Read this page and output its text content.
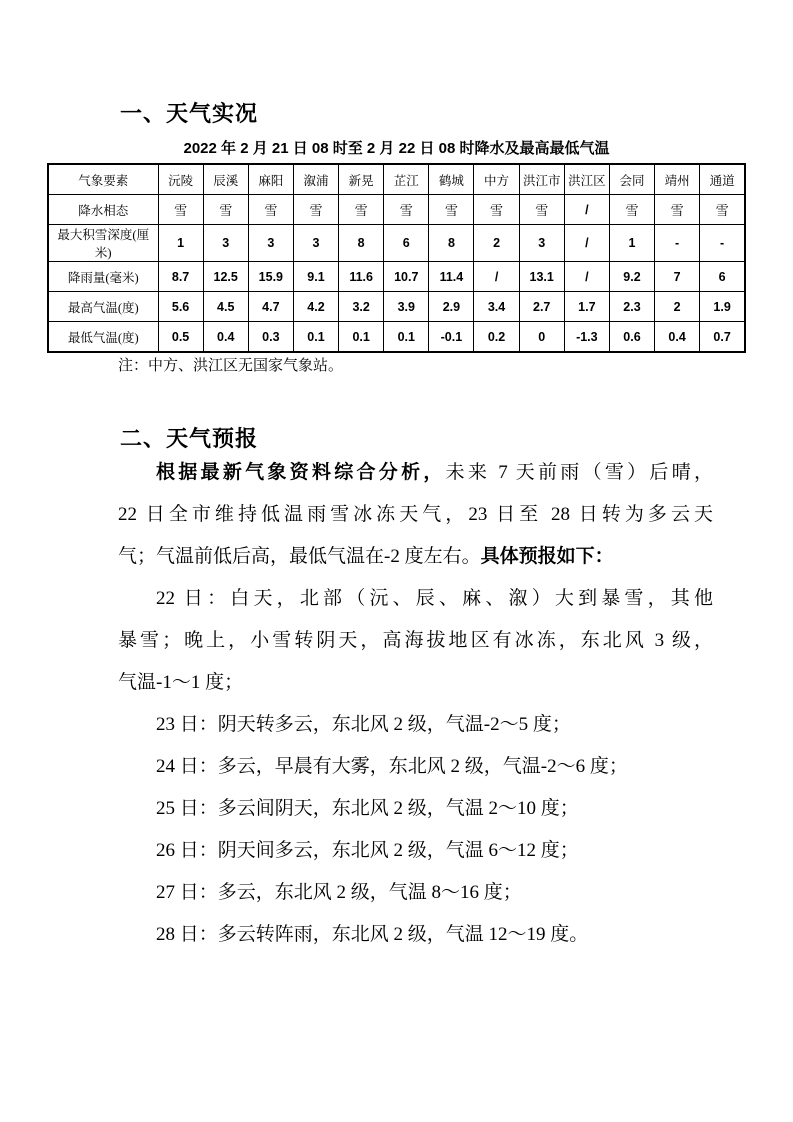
一、天气实况
2022 年 2 月 21 日 08 时至 2 月 22 日 08 时降水及最高最低气温
气象要素	沅陵	辰溪	麻阳	溆浦	新晃	芷江	鹤城	中方	洪江市	洪江区	会同	靖州	通道
降水相态	雪	雪	雪	雪	雪	雪	雪	雪	雪	/	雪	雪	雪
最大积雪深度(厘米)	1	3	3	3	8	6	8	2	3	/	1	-	-
降雨量(毫米)	8.7	12.5	15.9	9.1	11.6	10.7	11.4	/	13.1	/	9.2	7	6
最高气温(度)	5.6	4.5	4.7	4.2	3.2	3.9	2.9	3.4	2.7	1.7	2.3	2	1.9
最低气温(度)	0.5	0.4	0.3	0.1	0.1	0.1	-0.1	0.2	0	-1.3	0.6	0.4	0.7
注：中方、洪江区无国家气象站。
二、天气预报
根据最新气象资料综合分析，未来 7 天前雨（雪）后晴，
22 日全市维持低温雨雪冰冻天气，23 日至 28 日转为多云天
气；气温前低后高，最低气温在-2 度左右。具体预报如下：
22 日：白天，北部（沅、辰、麻、溆）大到暴雪，其他
暴雪；晚上，小雪转阴天，高海拔地区有冰冻，东北风 3 级，
气温-1～1 度；
23 日：阴天转多云，东北风 2 级，气温-2～5 度；
24 日：多云，早晨有大雾，东北风 2 级，气温-2～6 度；
25 日：多云间阴天，东北风 2 级，气温 2～10 度；
26 日：阴天间多云，东北风 2 级，气温 6～12 度；
27 日：多云，东北风 2 级，气温 8～16 度；
28 日：多云转阵雨，东北风 2 级，气温 12～19 度。
